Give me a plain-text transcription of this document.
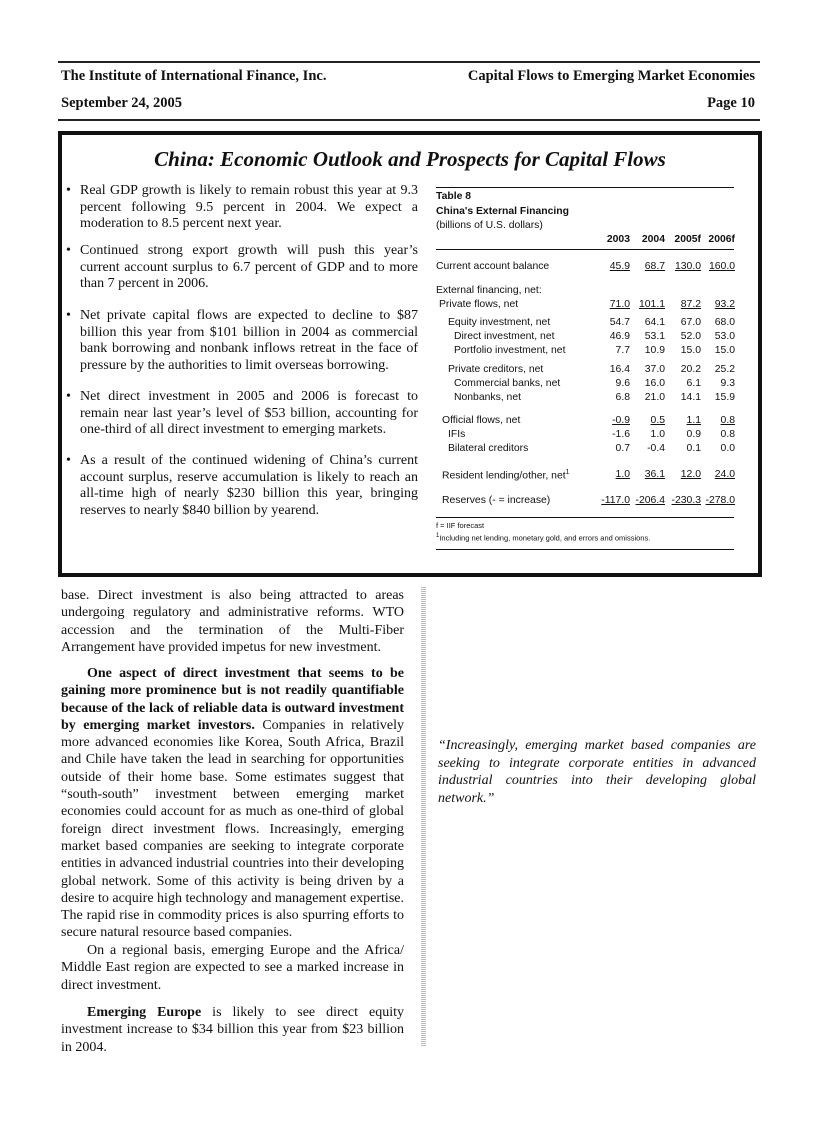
The Institute of International Finance, Inc.	Capital Flows to Emerging Market Economies
September 24, 2005	Page 10
China: Economic Outlook and Prospects for Capital Flows
• Real GDP growth is likely to remain robust this year at 9.3 percent following 9.5 percent in 2004. We expect a moderation to 8.5 percent next year.
• Continued strong export growth will push this year’s current account surplus to 6.7 percent of GDP and to more than 7 percent in 2006.
• Net private capital flows are expected to decline to $87 billion this year from $101 billion in 2004 as commercial bank borrowing and nonbank inflows retreat in the face of pressure by the authorities to limit overseas borrowing.
• Net direct investment in 2005 and 2006 is forecast to remain near last year’s level of $53 billion, accounting for one-third of all direct investment to emerging markets.
• As a result of the continued widening of China’s current account surplus, reserve accumulation is likely to reach an all-time high of nearly $230 billion this year, bringing reserves to nearly $840 billion by yearend.
Table 8
China's External Financing
(billions of U.S. dollars)
2003	2004 2005f 2006f
Current account balance	45.9	68.7 130.0 160.0
External financing, net:
Private flows, net	71.0 101.1	87.2	93.2
Equity investment, net	54.7	64.1	67.0	68.0
Direct investment, net	46.9	53.1	52.0	53.0
Portfolio investment, net	7.7	10.9	15.0	15.0
Private creditors, net	16.4	37.0	20.2	25.2
Commercial banks, net	9.6	16.0	6.1	9.3
Nonbanks, net	6.8	21.0	14.1	15.9
Official flows, net	-0.9	0.5	1.1	0.8
IFIs	-1.6	1.0	0.9	0.8
Bilateral creditors	0.7	-0.4	0.1	0.0
Resident lending/other, net$^1$	1.0	36.1	12.0	24.0
Reserves (- = increase)	-117.0 -206.4 -230.3 -278.0
f = IIF forecast
$^1$Including net lending, monetary gold, and errors and omissions.
base. Direct investment is also being attracted to areas undergoing regulatory and administrative reforms. WTO accession and the termination of the Multi-Fiber Arrangement have provided impetus for new investment.
One aspect of direct investment that seems to be gaining more prominence but is not readily quantifiable because of the lack of reliable data is outward investment by emerging market investors. Companies in relatively more advanced economies like Korea, South Africa, Brazil and Chile have taken the lead in searching for opportunities outside of their home base. Some estimates suggest that “south-south” investment between emerging market economies could account for as much as one-third of global foreign direct investment flows. Increasingly, emerging market based companies are seeking to integrate corporate entities in advanced industrial countries into their developing global network. Some of this activity is being driven by a desire to acquire high technology and management expertise. The rapid rise in commodity prices is also spurring efforts to secure natural resource based companies.
On a regional basis, emerging Europe and the Africa/ Middle East region are expected to see a marked increase in direct investment.
Emerging Europe is likely to see direct equity investment increase to $34 billion this year from $23 billion in 2004.
“Increasingly, emerging market based companies are seeking to integrate corporate entities in advanced industrial countries into their developing global network.”
